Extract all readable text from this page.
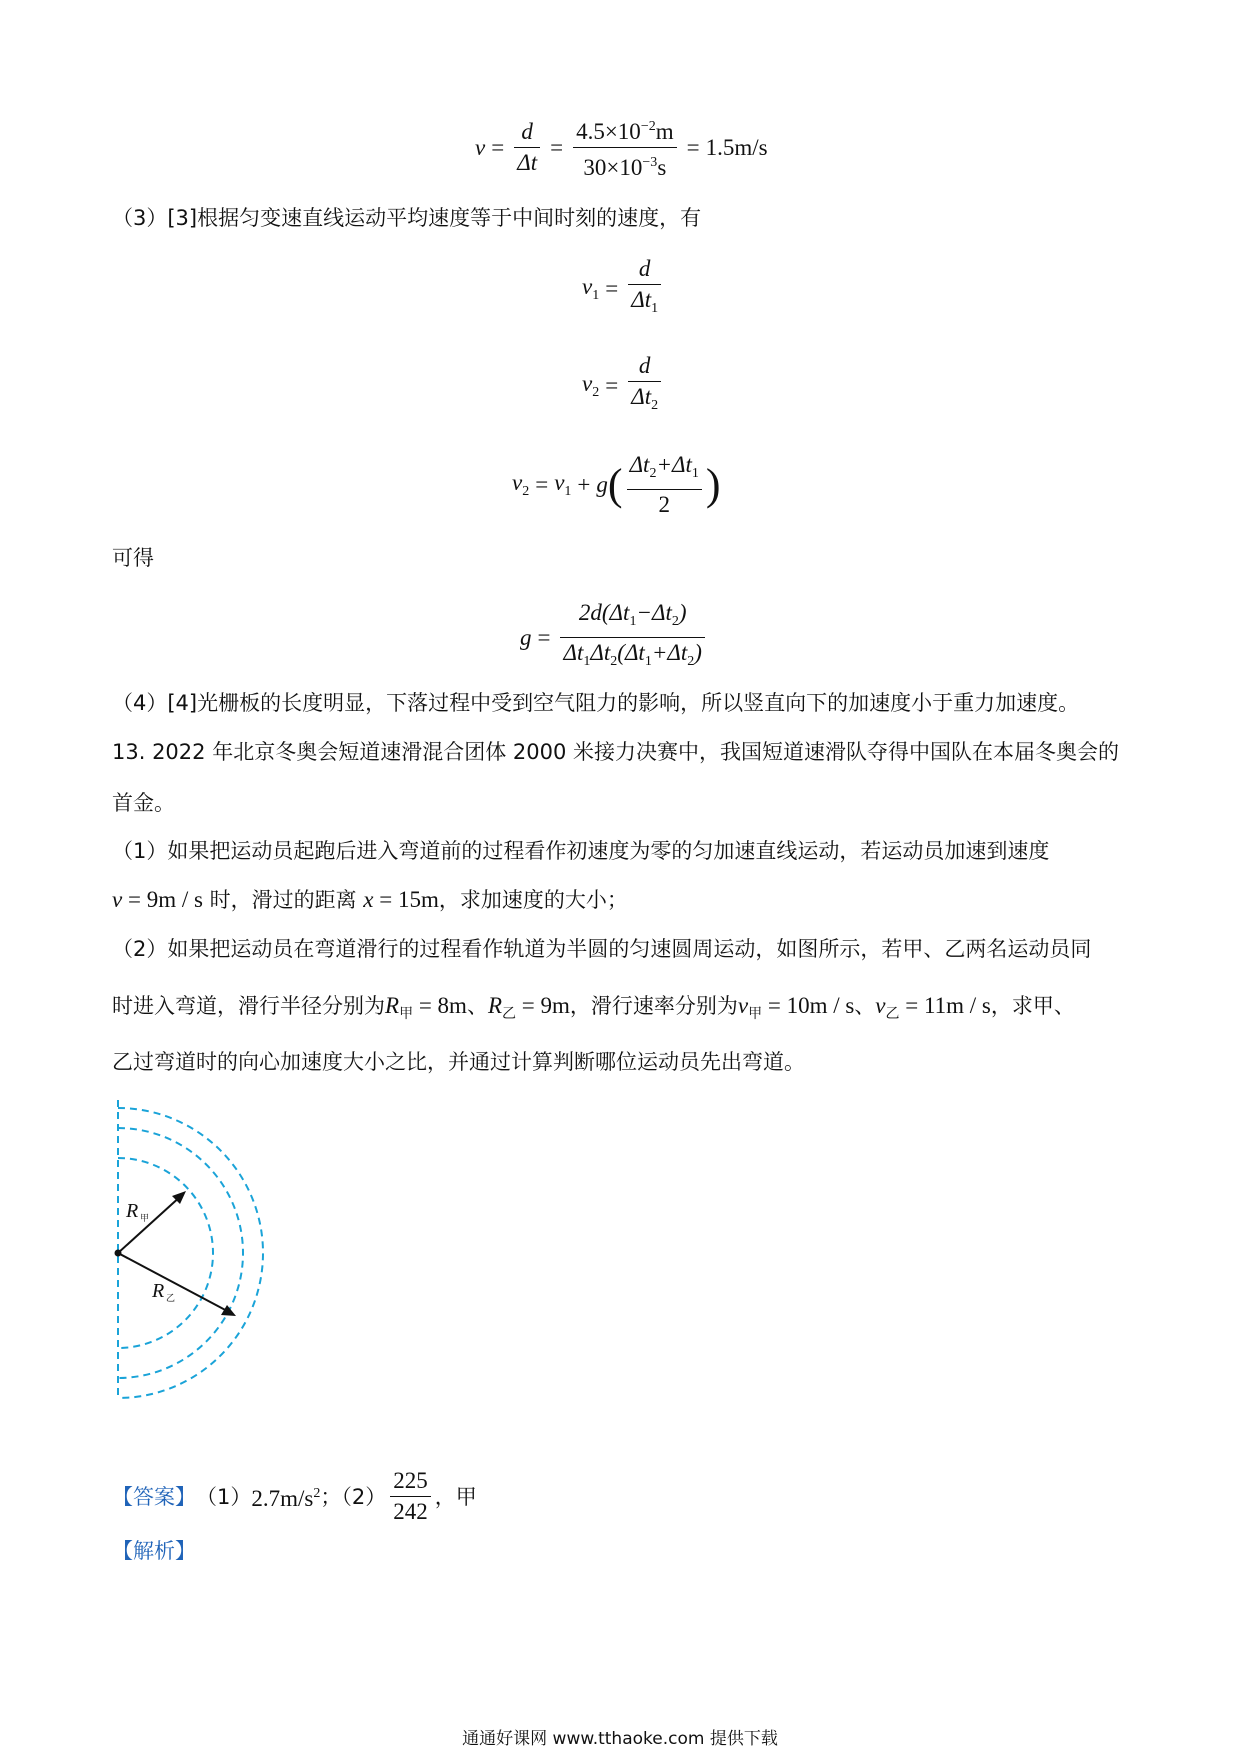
$v = \frac{d}{\Delta t} = \frac{4.5\times 10^{-2}m}{30\times 10^{-3}s} = 1.5m/s$
（3）[3]根据匀变速直线运动平均速度等于中间时刻的速度，有
$v_1 = \frac{d}{\Delta t_1}$
$v_2 = \frac{d}{\Delta t_2}$
$v_2 = v_1 + g$ ( $\frac{\Delta t_2+\Delta t_1}{2}$ )
可得
$g = \frac{2d(\Delta t_1-\Delta t_2)}{\Delta t_1\Delta t_2(\Delta t_1+\Delta t_2)}$
（4）[4]光栅板的长度明显，下落过程中受到空气阻力的影响，所以竖直向下的加速度小于重力加速度。
13. 2022 年北京冬奥会短道速滑混合团体 2000 米接力决赛中，我国短道速滑队夺得中国队在本届冬奥会的
首金。
（1）如果把运动员起跑后进入弯道前的过程看作初速度为零的匀加速直线运动，若运动员加速到速度
v = 9m / s 时，滑过的距离 x = 15m，求加速度的大小；
（2）如果把运动员在弯道滑行的过程看作轨道为半圆的匀速圆周运动，如图所示，若甲、乙两名运动员同
时进入弯道，滑行半径分别为$R_甲 = 8m$、$R_乙 = 9m$，滑行速率分别为$v_甲 = 10m / s$、$v_乙 = 11m / s$，求甲、
乙过弯道时的向心加速度大小之比，并通过计算判断哪位运动员先出弯道。
R 甲
R 乙
【答案】 （1） $2.7m/s^2$ ；$(2) \frac{225}{242}$ ，甲
【解析】
通通好课网 www.tthaoke.com 提供下载
